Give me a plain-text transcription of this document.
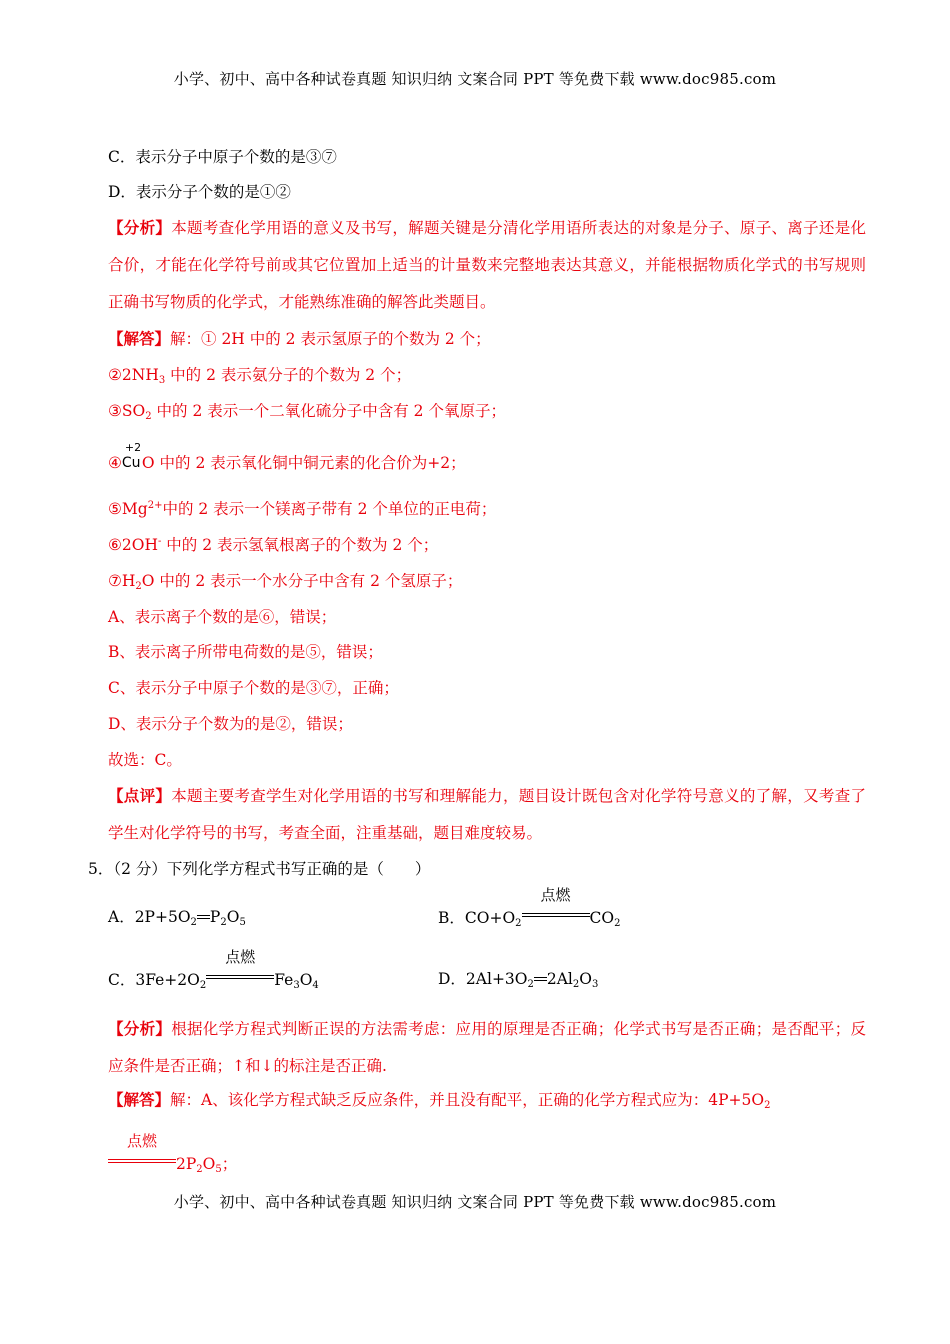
小学、初中、高中各种试卷真题 知识归纳 文案合同 PPT 等免费下载 www.doc985.com
C．表示分子中原子个数的是③⑦
D．表示分子个数的是①②
【分析】本题考查化学用语的意义及书写，解题关键是分清化学用语所表达的对象是分子、原子、离子还是化合价，才能在化学符号前或其它位置加上适当的计量数来完整地表达其意义，并能根据物质化学式的书写规则正确书写物质的化学式，才能熟练准确的解答此类题目。
【解答】解：① 2H 中的 2 表示氢原子的个数为 2 个；
$②2NH_3$ 中的 2 表示氨分子的个数为 2 个；
$③SO_2$ 中的 2 表示一个二氧化硫分子中含有 2 个氧原子；
④
+2
Cu O 中的 2 表示氧化铜中铜元素的化合价为+2；
$⑤Mg^{2+}$中的 2 表示一个镁离子带有 2 个单位的正电荷；
⑥2OH- 中的 2 表示氢氧根离子的个数为 2 个；
$⑦H_2O$ 中的 2 表示一个水分子中含有 2 个氢原子；
A、表示离子个数的是⑥，错误；
B、表示离子所带电荷数的是⑤，错误；
C、表示分子中原子个数的是③⑦，正确；
D、表示分子个数为的是②，错误；
故选：C。
【点评】本题主要考查学生对化学用语的书写和理解能力，题目设计既包含对化学符号意义的了解，又考查了学生对化学符号的书写，考查全面，注重基础，题目难度较易。
5．（2 分）下列化学方程式书写正确的是（　　）
A．$2P+5O_2$ $P_2O_5$	B．$CO+O_2$
点燃
$CO_2$
C．$3Fe+2O_2$
点燃
$Fe_3O_4$	D．$2Al+3O_2$ $2Al_2O_3$
【分析】根据化学方程式判断正误的方法需考虑：应用的原理是否正确；化学式书写是否正确；是否配平；反应条件是否正确；↑和↓的标注是否正确.
【解答】解：A、该化学方程式缺乏反应条件，并且没有配平，正确的化学方程式应为：$4P+5O_2$
点燃
$2P_2O_5$；
小学、初中、高中各种试卷真题 知识归纳 文案合同 PPT 等免费下载 www.doc985.com
